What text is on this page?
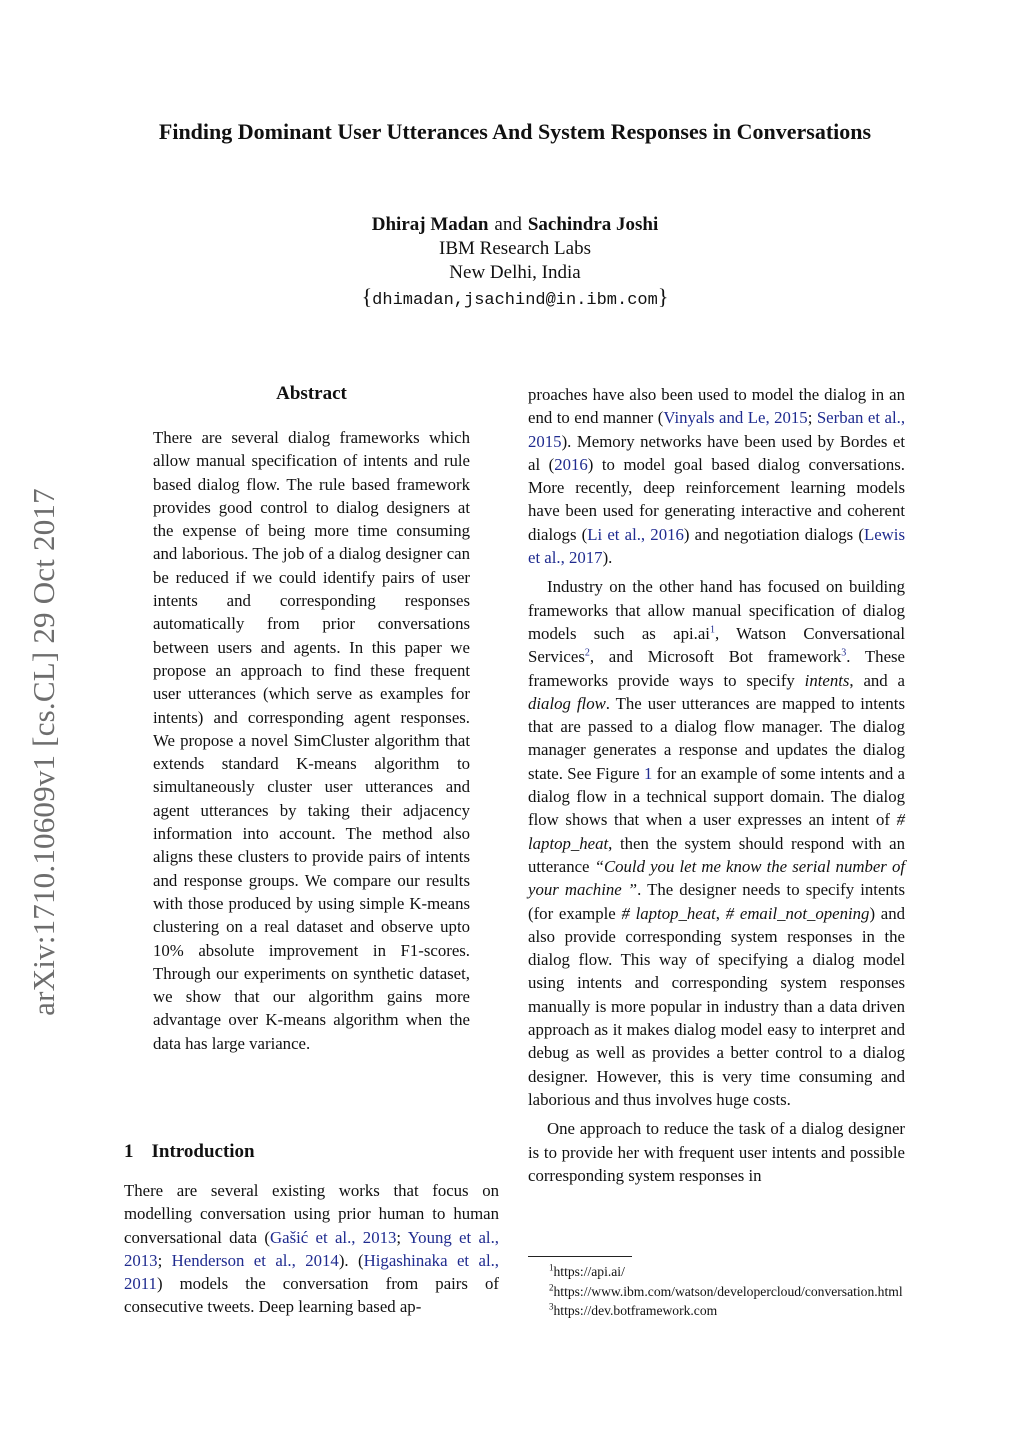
arXiv:1710.10609v1 [cs.CL] 29 Oct 2017
Finding Dominant User Utterances And System Responses in Conversations
Dhiraj Madan and Sachindra Joshi
IBM Research Labs
New Delhi, India
{dhimadan,jsachind@in.ibm.com}
Abstract

There are several dialog frameworks which allow manual specification of intents and rule based dialog flow. The rule based framework provides good control to dialog designers at the expense of being more time consuming and laborious. The job of a dialog designer can be reduced if we could identify pairs of user intents and corresponding responses automatically from prior conversations between users and agents. In this paper we propose an approach to find these frequent user utterances (which serve as examples for intents) and corresponding agent responses. We propose a novel SimCluster algorithm that extends standard K-means algorithm to simultaneously cluster user utterances and agent utterances by taking their adjacency information into account. The method also aligns these clusters to provide pairs of intents and response groups. We compare our results with those produced by using simple K-means clustering on a real dataset and observe upto 10% absolute improvement in F1-scores. Through our experiments on synthetic dataset, we show that our algorithm gains more advantage over K-means algorithm when the data has large variance.

1 Introduction

There are several existing works that focus on modelling conversation using prior human to human conversational data (Gašić et al., 2013; Young et al., 2013; Henderson et al., 2014). (Higashinaka et al., 2011) models the conversation from pairs of consecutive tweets. Deep learning based ap-

proaches have also been used to model the dialog in an end to end manner (Vinyals and Le, 2015; Serban et al., 2015). Memory networks have been used by Bordes et al (2016) to model goal based dialog conversations. More recently, deep reinforcement learning models have been used for generating interactive and coherent dialogs (Li et al., 2016) and negotiation dialogs (Lewis et al., 2017).

Industry on the other hand has focused on building frameworks that allow manual specification of dialog models such as api.ai$^1$, Watson Conversational Services$^2$, and Microsoft Bot framework$^3$. These frameworks provide ways to specify intents, and a dialog flow. The user utterances are mapped to intents that are passed to a dialog flow manager. The dialog manager generates a response and updates the dialog state. See Figure 1 for an example of some intents and a dialog flow in a technical support domain. The dialog flow shows that when a user expresses an intent of # laptop_heat, then the system should respond with an utterance “Could you let me know the serial number of your machine ”. The designer needs to specify intents (for example # laptop_heat, # email_not_opening) and also provide corresponding system responses in the dialog flow. This way of specifying a dialog model using intents and corresponding system responses manually is more popular in industry than a data driven approach as it makes dialog model easy to interpret and debug as well as provides a better control to a dialog designer. However, this is very time consuming and laborious and thus involves huge costs.

One approach to reduce the task of a dialog designer is to provide her with frequent user intents and possible corresponding system responses in

$^1$https://api.ai/
$^2$https://www.ibm.com/watson/developercloud/conversation.html
$^3$https://dev.botframework.com
